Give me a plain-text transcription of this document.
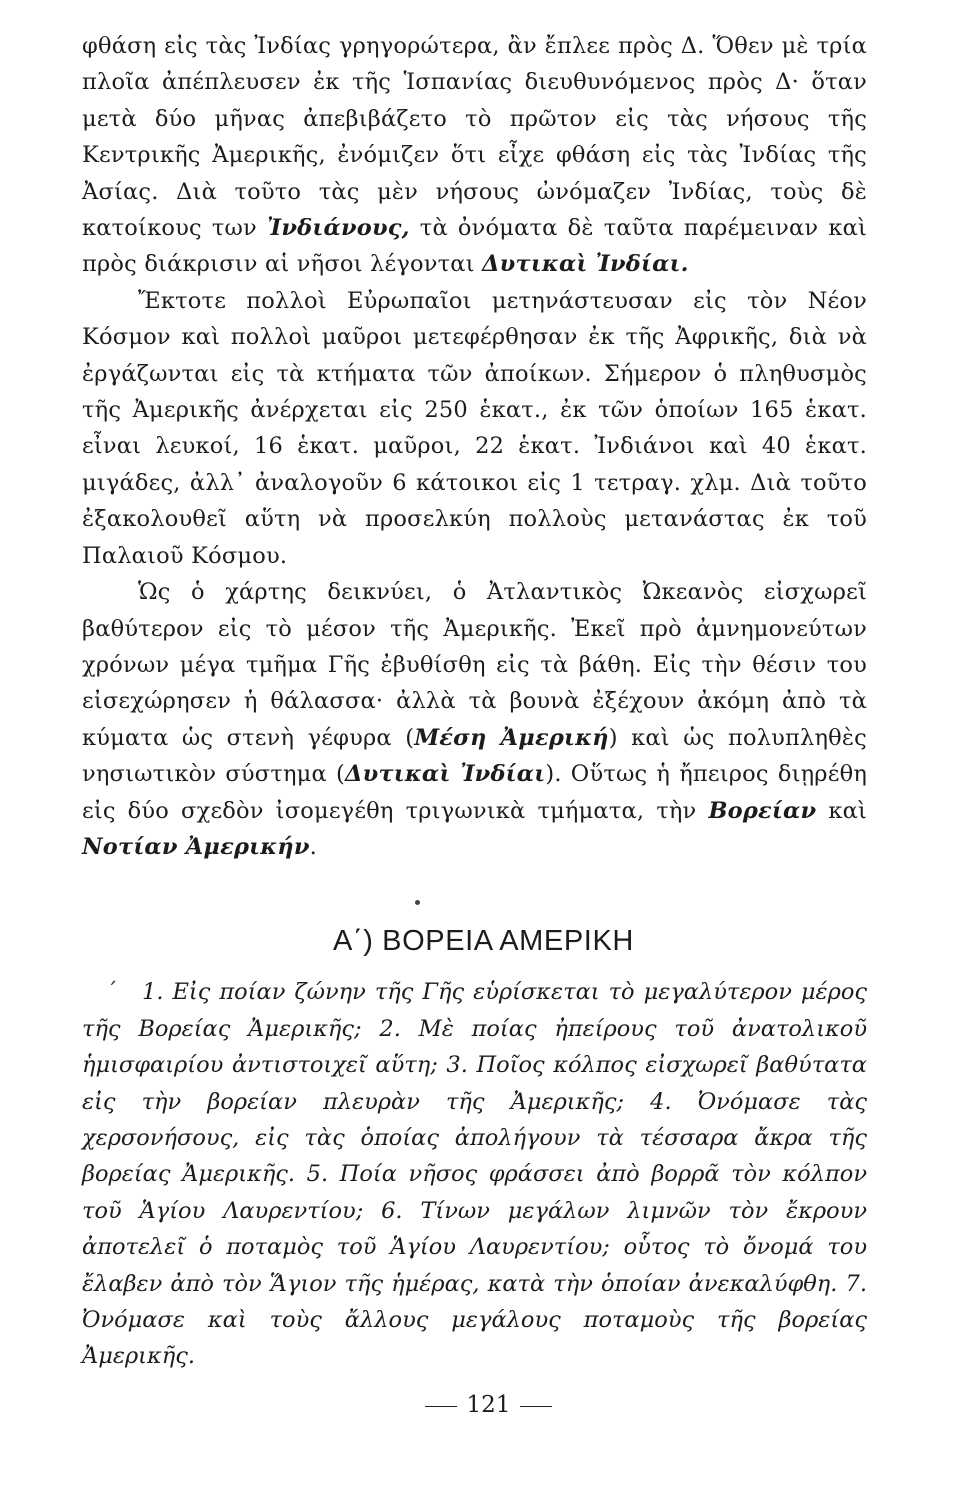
φθάση εἰς τὰς Ἰνδίας γρηγορώτερα, ἂν ἔπλεε πρὸς Δ. Ὅθεν μὲ τρία πλοῖα ἀπέπλευσεν ἐκ τῆς Ἱσπανίας διευθυνόμενος πρὸς Δ· ὅταν μετὰ δύο μῆνας ἀπεβιβάζετο τὸ πρῶτον εἰς τὰς νήσους τῆς Κεντρικῆς Ἀμερικῆς, ἐνόμιζεν ὅτι εἶχε φθάση εἰς τὰς Ἰνδίας τῆς Ἀσίας. Διὰ τοῦτο τὰς μὲν νήσους ὠνόμαζεν Ἰνδίας, τοὺς δὲ κατοίκους των Ἰνδιάνους, τὰ ὀνόματα δὲ ταῦτα παρέμειναν καὶ πρὸς διάκρισιν αἱ νῆσοι λέγονται Δυτικαὶ Ἰνδίαι.

Ἔκτοτε πολλοὶ Εὐρωπαῖοι μετηνάστευσαν εἰς τὸν Νέον Κόσμον καὶ πολλοὶ μαῦροι μετεφέρθησαν ἐκ τῆς Ἀφρικῆς, διὰ νὰ ἐργάζωνται εἰς τὰ κτήματα τῶν ἀποίκων. Σήμερον ὁ πληθυσμὸς τῆς Ἀμερικῆς ἀνέρχεται εἰς 250 ἑκατ., ἐκ τῶν ὁποίων 165 ἑκατ. εἶναι λευκοί, 16 ἑκατ. μαῦροι, 22 ἑκατ. Ἰνδιάνοι καὶ 40 ἑκατ. μιγάδες, ἀλλ᾽ ἀναλογοῦν 6 κάτοικοι εἰς 1 τετραγ. χλμ. Διὰ τοῦτο ἐξακολουθεῖ αὕτη νὰ προσελκύη πολλοὺς μετανάστας ἐκ τοῦ Παλαιοῦ Κόσμου.

Ὡς ὁ χάρτης δεικνύει, ὁ Ἀτλαντικὸς Ὠκεανὸς εἰσχωρεῖ βαθύτερον εἰς τὸ μέσον τῆς Ἀμερικῆς. Ἐκεῖ πρὸ ἀμνημονεύτων χρόνων μέγα τμῆμα Γῆς ἐβυθίσθη εἰς τὰ βάθη. Εἰς τὴν θέσιν του εἰσεχώρησεν ἡ θάλασσα· ἀλλὰ τὰ βουνὰ ἐξέχουν ἀκόμη ἀπὸ τὰ κύματα ὡς στενὴ γέφυρα (Μέση Ἀμερική) καὶ ὡς πολυπληθὲς νησιωτικὸν σύστημα (Δυτικαὶ Ἰνδίαι). Οὕτως ἡ ἤπειρος διῃρέθη εἰς δύο σχεδὸν ἰσομεγέθη τριγωνικὰ τμήματα, τὴν Βορείαν καὶ Νοτίαν Ἀμερικήν.

Α΄) ΒΟΡΕΙΑ ΑΜΕΡΙΚΗ
ˊ 1. Εἰς ποίαν ζώνην τῆς Γῆς εὑρίσκεται τὸ μεγαλύτερον μέρος τῆς Βορείας Ἀμερικῆς; 2. Μὲ ποίας ἠπείρους τοῦ ἀνατολικοῦ ἡμισφαιρίου ἀντιστοιχεῖ αὕτη; 3. Ποῖος κόλπος εἰσχωρεῖ βαθύτατα εἰς τὴν βορείαν πλευρὰν τῆς Ἀμερικῆς; 4. Ὀνόμασε τὰς χερσονήσους, εἰς τὰς ὁποίας ἀπολήγουν τὰ τέσσαρα ἄκρα τῆς βορείας Ἀμερικῆς. 5. Ποία νῆσος φράσσει ἀπὸ βορρᾶ τὸν κόλπον τοῦ Ἁγίου Λαυρεντίου; 6. Τίνων μεγάλων λιμνῶν τὸν ἔκρουν ἀποτελεῖ ὁ ποταμὸς τοῦ Ἁγίου Λαυρεντίου; οὗτος τὸ ὄνομά του ἔλαβεν ἀπὸ τὸν Ἅγιον τῆς ἡμέρας, κατὰ τὴν ὁποίαν ἀνεκαλύφθη. 7. Ὀνόμασε καὶ τοὺς ἄλλους μεγάλους ποταμοὺς τῆς βορείας Ἀμερικῆς.
121
